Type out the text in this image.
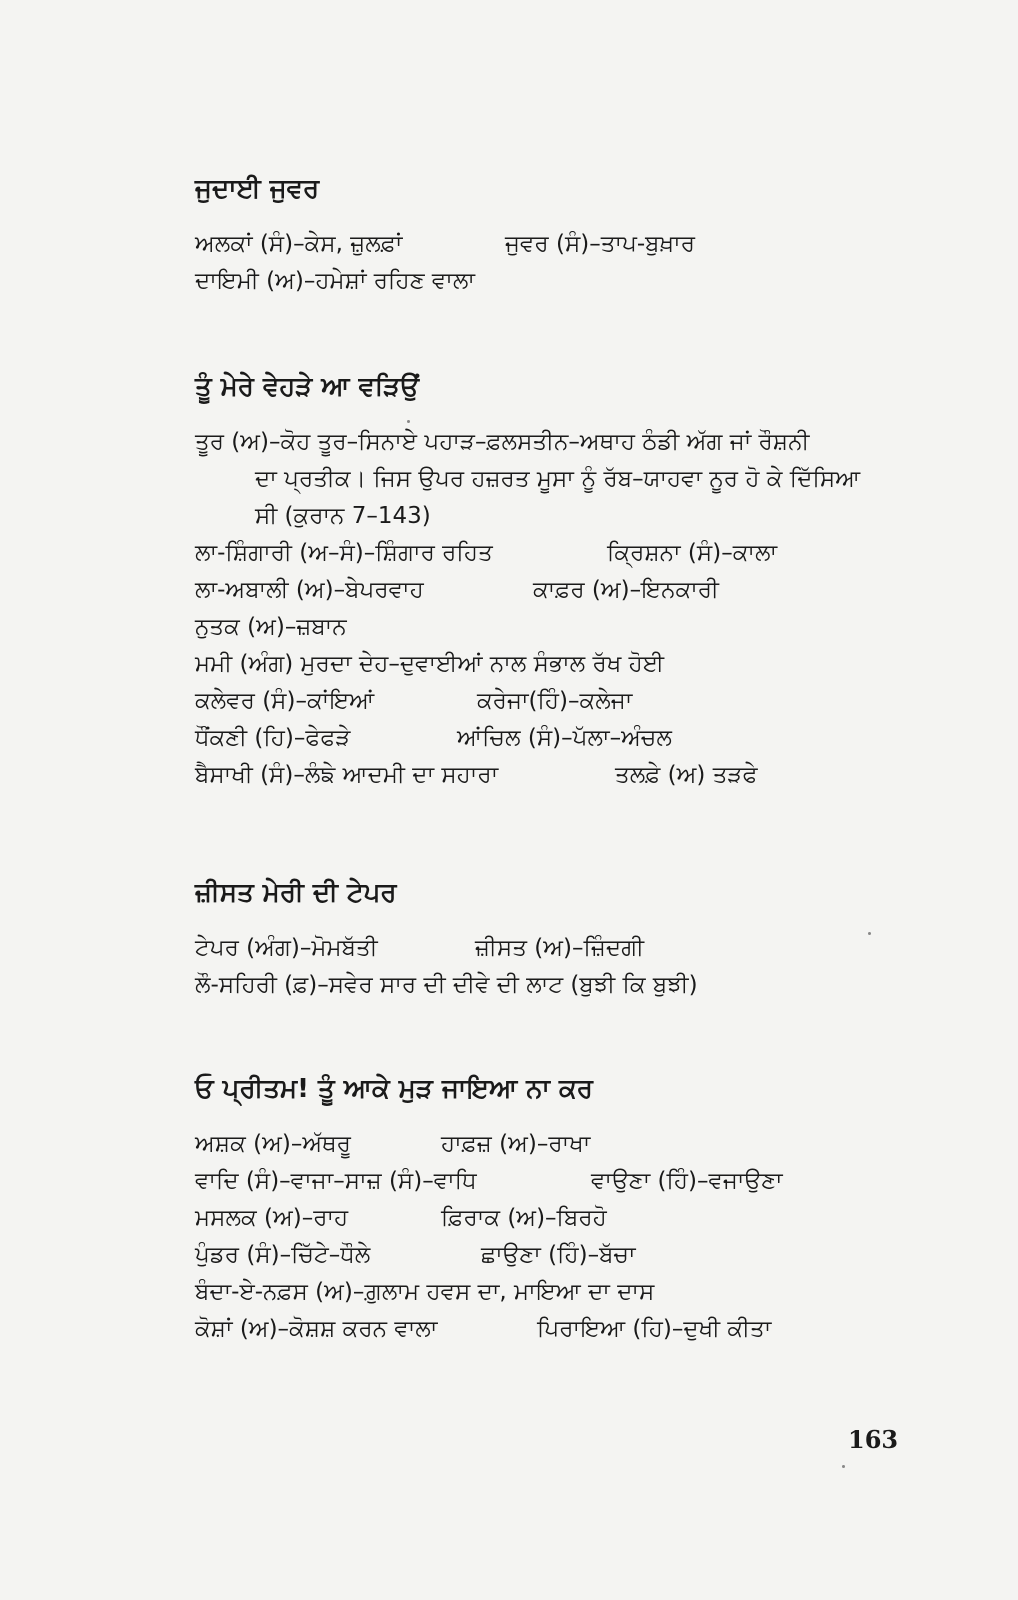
ਜੁਦਾਈ ਜੁਵਰ
ਅਲਕਾਂ (ਸੰ)–ਕੇਸ, ਜ਼ੁਲਫ਼ਾਂ	ਜੁਵਰ (ਸੰ)–ਤਾਪ-ਬੁਖ਼ਾਰ
ਦਾਇਮੀ (ਅ)–ਹਮੇਸ਼ਾਂ ਰਹਿਣ ਵਾਲਾ
ਤੂੰ ਮੇਰੇ ਵੇਹੜੇ ਆ ਵੜਿਉਂ
ਤੂਰ (ਅ)–ਕੋਹ ਤੂਰ–ਸਿਨਾਏ ਪਹਾੜ–ਫ਼ਲਸਤੀਨ–ਅਥਾਹ ਠੰਡੀ ਅੱਗ ਜਾਂ ਰੌਸ਼ਨੀ
ਦਾ ਪ੍ਰਤੀਕ। ਜਿਸ ਉਪਰ ਹਜ਼ਰਤ ਮੂਸਾ ਨੂੰ ਰੱਬ–ਯਾਹਵਾ ਨੂਰ ਹੋ ਕੇ ਦਿੱਸਿਆ
ਸੀ (ਕੁਰਾਨ 7–143)
ਲਾ-ਸ਼ਿੰਗਾਰੀ (ਅ–ਸੰ)–ਸ਼ਿੰਗਾਰ ਰਹਿਤ	ਕ੍ਰਿਸ਼ਨਾ (ਸੰ)–ਕਾਲਾ
ਲਾ-ਅਬਾਲੀ (ਅ)–ਬੇਪਰਵਾਹ	ਕਾਫ਼ਰ (ਅ)–ਇਨਕਾਰੀ
ਨੁਤਕ (ਅ)–ਜ਼ਬਾਨ
ਮਮੀ (ਅੰਗ) ਮੁਰਦਾ ਦੇਹ–ਦੁਵਾਈਆਂ ਨਾਲ ਸੰਭਾਲ ਰੱਖ ਹੋਈ
ਕਲੇਵਰ (ਸੰ)–ਕਾਂਇਆਂ	ਕਰੇਜਾ(ਹਿੰ)–ਕਲੇਜਾ
ਧੌਂਕਣੀ (ਹਿ)–ਫੇਫੜੇ	ਆਂਚਿਲ (ਸੰ)–ਪੱਲਾ–ਅੰਚਲ
ਬੈਸਾਖੀ (ਸੰ)–ਲੰਙੇ ਆਦਮੀ ਦਾ ਸਹਾਰਾ	ਤਲਫ਼ੇ (ਅ) ਤੜਫੇ
ਜ਼ੀਸਤ ਮੇਰੀ ਦੀ ਟੇਪਰ
ਟੇਪਰ (ਅੰਗ)–ਮੋਮਬੱਤੀ	ਜ਼ੀਸਤ (ਅ)–ਜ਼ਿੰਦਗੀ
ਲੌ-ਸਹਿਰੀ (ਫ਼)–ਸਵੇਰ ਸਾਰ ਦੀ ਦੀਵੇ ਦੀ ਲਾਟ (ਬੁਝੀ ਕਿ ਬੁਝੀ)
ਓ ਪ੍ਰੀਤਮ! ਤੂੰ ਆਕੇ ਮੁੜ ਜਾਇਆ ਨਾ ਕਰ
ਅਸ਼ਕ (ਅ)–ਅੱਥਰੂ	ਹਾਫ਼ਜ਼ (ਅ)–ਰਾਖਾ
ਵਾਦਿ (ਸੰ)–ਵਾਜਾ–ਸਾਜ਼ (ਸੰ)–ਵਾਧਿ	ਵਾਉਣਾ (ਹਿੰ)–ਵਜਾਉਣਾ
ਮਸਲਕ (ਅ)–ਰਾਹ	ਫ਼ਿਰਾਕ (ਅ)–ਬਿਰਹੋ
ਪੁੰਡਰ (ਸੰ)–ਚਿੱਟੇ–ਧੌਲੇ	ਛਾਉਣਾ (ਹਿੰ)–ਬੱਚਾ
ਬੰਦਾ-ਏ-ਨਫ਼ਸ (ਅ)–ਗ਼ੁਲਾਮ ਹਵਸ ਦਾ, ਮਾਇਆ ਦਾ ਦਾਸ
ਕੋਸ਼ਾਂ (ਅ)–ਕੋਸ਼ਸ਼ ਕਰਨ ਵਾਲਾ	ਪਿਰਾਇਆ (ਹਿ)–ਦੁਖੀ ਕੀਤਾ
163
